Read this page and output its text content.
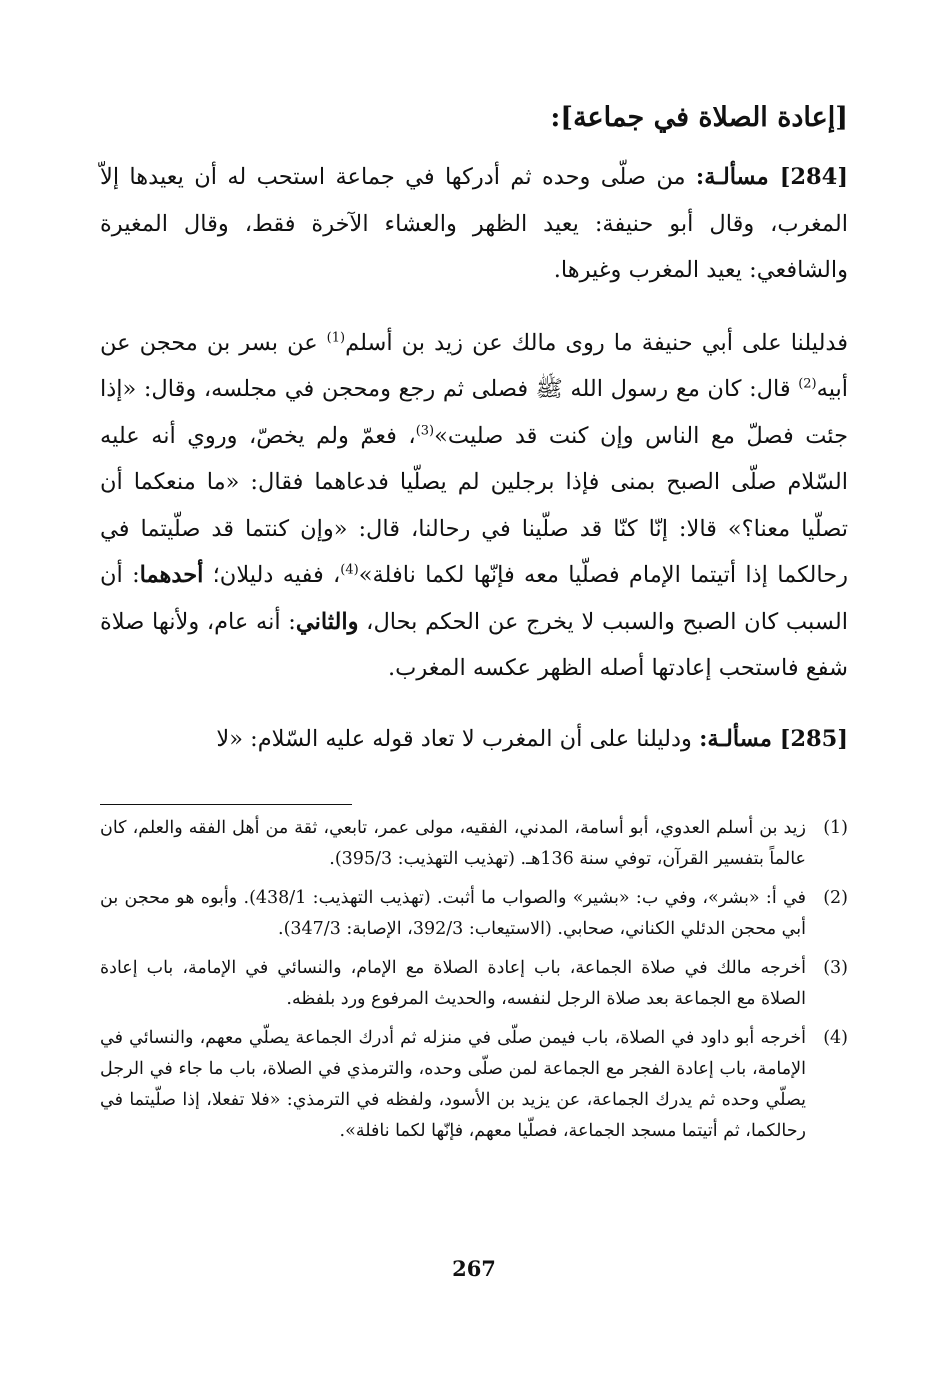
[إعادة الصلاة في جماعة]:

[284] مسألـة: من صلّى وحده ثم أدركها في جماعة استحب له أن يعيدها إلاّ المغرب، وقال أبو حنيفة: يعيد الظهر والعشاء الآخرة فقط، وقال المغيرة والشافعي: يعيد المغرب وغيرها.

فدليلنا على أبي حنيفة ما روى مالك عن زيد بن أسلم$^{(1)}$ عن بسر بن محجن عن أبيه$^{(2)}$ قال: كان مع رسول الله ﷺ فصلى ثم رجع ومحجن في مجلسه، وقال: «إذا جئت فصلّ مع الناس وإن كنت قد صليت»$^{(3)}$، فعمّ ولم يخصّ، وروي أنه عليه السّلام صلّى الصبح بمنى فإذا برجلين لم يصلّيا فدعاهما فقال: «ما منعكما أن تصلّيا معنا؟» قالا: إنّا كنّا قد صلّينا في رحالنا، قال: «وإن كنتما قد صلّيتما في رحالكما إذا أتيتما الإمام فصلّيا معه فإنّها لكما نافلة»$^{(4)}$، ففيه دليلان؛ أحدهما: أن السبب كان الصبح والسبب لا يخرج عن الحكم بحال، والثاني: أنه عام، ولأنها صلاة شفع فاستحب إعادتها أصله الظهر عكسه المغرب.

[285] مسألـة: ودليلنا على أن المغرب لا تعاد قوله عليه السّلام: «لا

(1)
زيد بن أسلم العدوي، أبو أسامة، المدني، الفقيه، مولى عمر، تابعي، ثقة من أهل الفقه والعلم، كان عالماً بتفسير القرآن، توفي سنة 136هـ. (تهذيب التهذيب: 395/3).
(2)
في أ: «بشر»، وفي ب: «بشير» والصواب ما أثبت. (تهذيب التهذيب: 438/1). وأبوه هو محجن بن أبي محجن الدئلي الكناني، صحابي. (الاستيعاب: 392/3، الإصابة: 347/3).
(3)
أخرجه مالك في صلاة الجماعة، باب إعادة الصلاة مع الإمام، والنسائي في الإمامة، باب إعادة الصلاة مع الجماعة بعد صلاة الرجل لنفسه، والحديث المرفوع ورد بلفظه.
(4)
أخرجه أبو داود في الصلاة، باب فيمن صلّى في منزله ثم أدرك الجماعة يصلّي معهم، والنسائي في الإمامة، باب إعادة الفجر مع الجماعة لمن صلّى وحده، والترمذي في الصلاة، باب ما جاء في الرجل يصلّي وحده ثم يدرك الجماعة، عن يزيد بن الأسود، ولفظه في الترمذي: «فلا تفعلا، إذا صلّيتما في رحالكما، ثم أتيتما مسجد الجماعة، فصلّيا معهم، فإنّها لكما نافلة».
267
